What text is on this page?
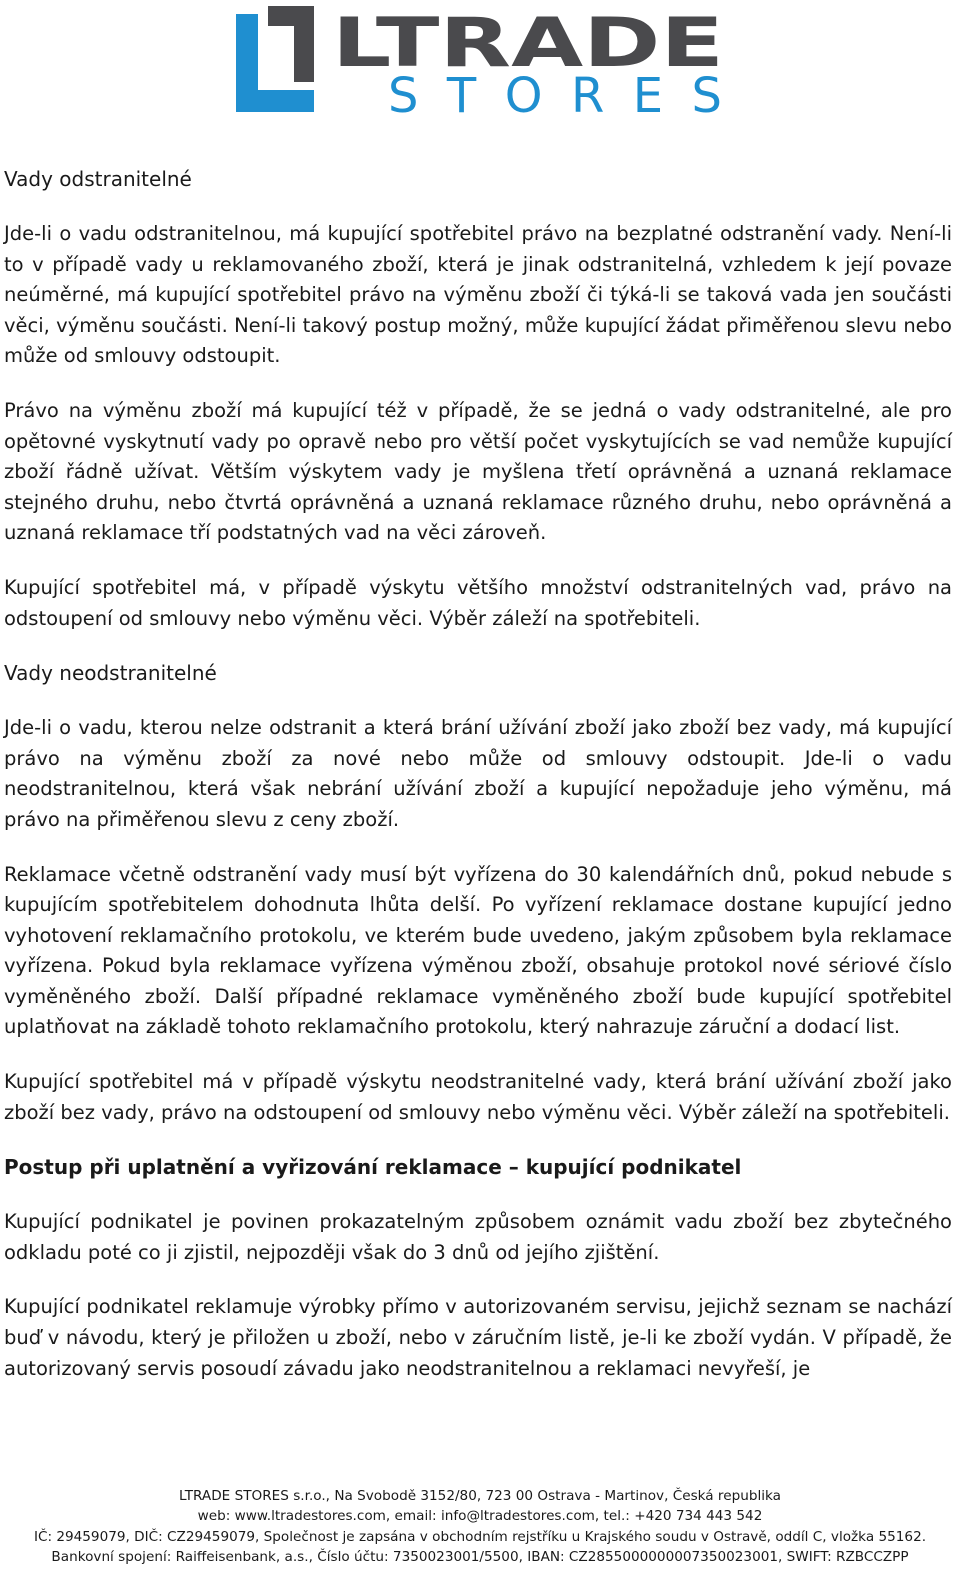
LTRADE
STORES
Vady odstranitelné

Jde-li o vadu odstranitelnou, má kupující spotřebitel právo na bezplatné odstranění vady. Není-li to v případě vady u reklamovaného zboží, která je jinak odstranitelná, vzhledem k její povaze neúměrné, má kupující spotřebitel právo na výměnu zboží či týká-li se taková vada jen součásti věci, výměnu součásti. Není-li takový postup možný, může kupující žádat přiměřenou slevu nebo může od smlouvy odstoupit.

Právo na výměnu zboží má kupující též v případě, že se jedná o vady odstranitelné, ale pro opětovné vyskytnutí vady po opravě nebo pro větší počet vyskytujících se vad nemůže kupující zboží řádně užívat. Větším výskytem vady je myšlena třetí oprávněná a uznaná reklamace stejného druhu, nebo čtvrtá oprávněná a uznaná reklamace různého druhu, nebo oprávněná a uznaná reklamace tří podstatných vad na věci zároveň.

Kupující spotřebitel má, v případě výskytu většího množství odstranitelných vad, právo na odstoupení od smlouvy nebo výměnu věci. Výběr záleží na spotřebiteli.

Vady neodstranitelné

Jde-li o vadu, kterou nelze odstranit a která brání užívání zboží jako zboží bez vady, má kupující právo na výměnu zboží za nové nebo může od smlouvy odstoupit. Jde-li o vadu neodstranitelnou, která však nebrání užívání zboží a kupující nepožaduje jeho výměnu, má právo na přiměřenou slevu z ceny zboží.

Reklamace včetně odstranění vady musí být vyřízena do 30 kalendářních dnů, pokud nebude s kupujícím spotřebitelem dohodnuta lhůta delší. Po vyřízení reklamace dostane kupující jedno vyhotovení reklamačního protokolu, ve kterém bude uvedeno, jakým způsobem byla reklamace vyřízena. Pokud byla reklamace vyřízena výměnou zboží, obsahuje protokol nové sériové číslo vyměněného zboží. Další případné reklamace vyměněného zboží bude kupující spotřebitel uplatňovat na základě tohoto reklamačního protokolu, který nahrazuje záruční a dodací list.

Kupující spotřebitel má v případě výskytu neodstranitelné vady, která brání užívání zboží jako zboží bez vady, právo na odstoupení od smlouvy nebo výměnu věci. Výběr záleží na spotřebiteli.

Postup při uplatnění a vyřizování reklamace – kupující podnikatel

Kupující podnikatel je povinen prokazatelným způsobem oznámit vadu zboží bez zbytečného odkladu poté co ji zjistil, nejpozději však do 3 dnů od jejího zjištění.

Kupující podnikatel reklamuje výrobky přímo v autorizovaném servisu, jejichž seznam se nachází buď v návodu, který je přiložen u zboží, nebo v záručním listě, je-li ke zboží vydán. V případě, že autorizovaný servis posoudí závadu jako neodstranitelnou a reklamaci nevyřeší, je

LTRADE STORES s.r.o., Na Svobodě 3152/80, 723 00 Ostrava - Martinov, Česká republika
web: www.ltradestores.com, email: info@ltradestores.com, tel.: +420 734 443 542
IČ: 29459079, DIČ: CZ29459079, Společnost je zapsána v obchodním rejstříku u Krajského soudu v Ostravě, oddíl C, vložka 55162.
Bankovní spojení: Raiffeisenbank, a.s., Číslo účtu: 7350023001/5500, IBAN: CZ2855000000007350023001, SWIFT: RZBCCZPP
